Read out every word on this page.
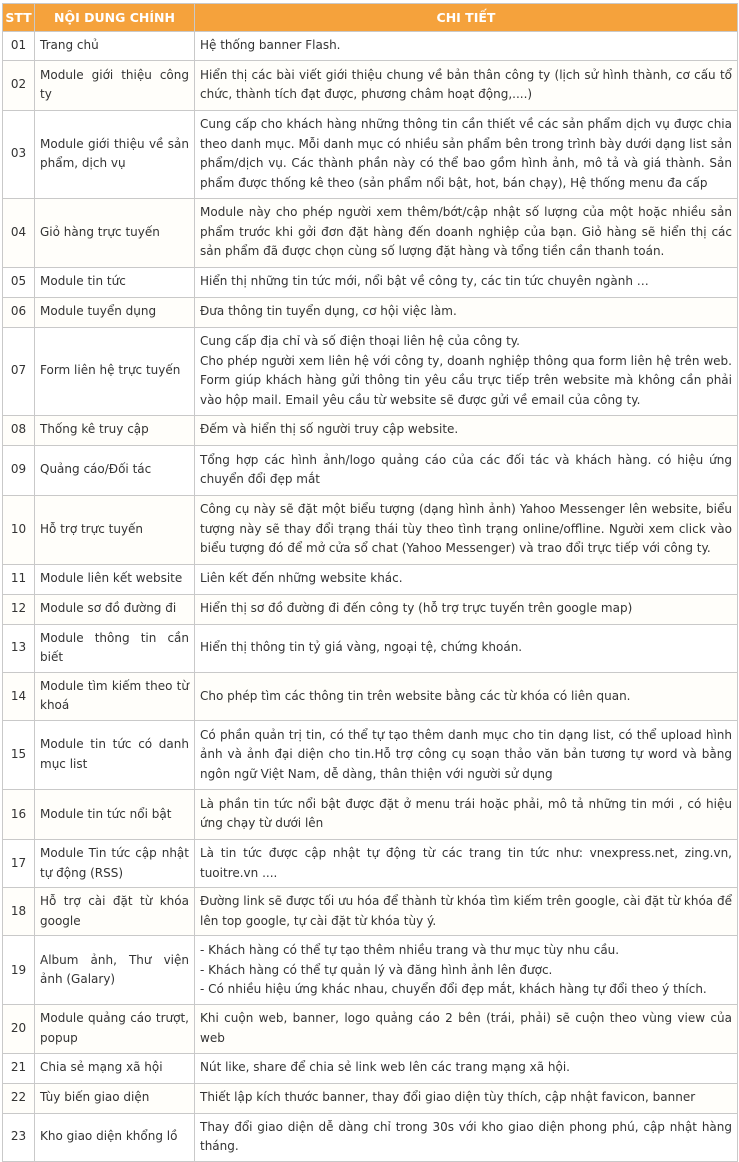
STT	NỘI DUNG CHÍNH	CHI TIẾT
01	Trang chủ	Hệ thống banner Flash.

02	Module giới thiệu công ty	Hiển thị các bài viết giới thiệu chung về bản thân công ty (lịch sử hình thành, cơ cấu tổ chức, thành tích đạt được, phương châm hoạt động,....)

03	Module giới thiệu về sản phẩm, dịch vụ	Cung cấp cho khách hàng những thông tin cần thiết về các sản phẩm dịch vụ được chia theo danh mục. Mỗi danh mục có nhiều sản phẩm bên trong trình bày dưới dạng list sản phẩm/dịch vụ. Các thành phần này có thể bao gồm hình ảnh, mô tả và giá thành. Sản phẩm được thống kê theo (sản phẩm nổi bật, hot, bán chạy), Hệ thống menu đa cấp

04	Giỏ hàng trực tuyến	Module này cho phép người xem thêm/bớt/cập nhật số lượng của một hoặc nhiều sản phẩm trước khi gởi đơn đặt hàng đến doanh nghiệp của bạn. Giỏ hàng sẽ hiển thị các sản phẩm đã được chọn cùng số lượng đặt hàng và tổng tiền cần thanh toán.

05	Module tin tức	Hiển thị những tin tức mới, nổi bật về công ty, các tin tức chuyên ngành …

06	Module tuyển dụng	Đưa thông tin tuyển dụng, cơ hội việc làm.

07	Form liên hệ trực tuyến	Cung cấp địa chỉ và số điện thoại liên hệ của công ty.
Cho phép người xem liên hệ với công ty, doanh nghiệp thông qua form liên hệ trên web. Form giúp khách hàng gửi thông tin yêu cầu trực tiếp trên website mà không cần phải vào hộp mail. Email yêu cầu từ website sẽ được gửi về email của công ty.

08	Thống kê truy cập	Đếm và hiển thị số người truy cập website.

09	Quảng cáo/Đối tác	Tổng hợp các hình ảnh/logo quảng cáo của các đối tác và khách hàng. có hiệu ứng chuyển đổi đẹp mắt

10	Hỗ trợ trực tuyến	Công cụ này sẽ đặt một biểu tượng (dạng hình ảnh) Yahoo Messenger lên website, biểu tượng này sẽ thay đổi trạng thái tùy theo tình trạng online/offline. Người xem click vào biểu tượng đó để mở cửa sổ chat (Yahoo Messenger) và trao đổi trực tiếp với công ty.

11	Module liên kết website	Liên kết đến những website khác.

12	Module sơ đồ đường đi	Hiển thị sơ đồ đường đi đến công ty (hỗ trợ trực tuyến trên google map)

13	Module thông tin cần biết	Hiển thị thông tin tỷ giá vàng, ngoại tệ, chứng khoán.

14	Module tìm kiếm theo từ khoá	Cho phép tìm các thông tin trên website bằng các từ khóa có liên quan.

15	Module tin tức có danh mục list	Có phần quản trị tin, có thể tự tạo thêm danh mục cho tin dạng list, có thể upload hình ảnh và ảnh đại diện cho tin.Hỗ trợ công cụ soạn thảo văn bản tương tự word và bằng ngôn ngữ Việt Nam, dễ dàng, thân thiện với người sử dụng

16	Module tin tức nổi bật	Là phần tin tức nổi bật được đặt ở menu trái hoặc phải, mô tả những tin mới , có hiệu ứng chạy từ dưới lên

17	Module Tin tức cập nhật tự động (RSS)	Là tin tức được cập nhật tự động từ các trang tin tức như: vnexpress.net, zing.vn, tuoitre.vn ....

18	Hỗ trợ cài đặt từ khóa google	Đường link sẽ được tối ưu hóa để thành từ khóa tìm kiếm trên google, cài đặt từ khóa để lên top google, tự cài đặt từ khóa tùy ý.

19	Album ảnh, Thư viện ảnh (Galary)	- Khách hàng có thể tự tạo thêm nhiều trang và thư mục tùy nhu cầu.
- Khách hàng có thể tự quản lý và đăng hình ảnh lên được.
- Có nhiều hiệu ứng khác nhau, chuyển đổi đẹp mắt, khách hàng tự đổi theo ý thích.

20	Module quảng cáo trượt, popup	Khi cuộn web, banner, logo quảng cáo 2 bên (trái, phải) sẽ cuộn theo vùng view của web

21	Chia sẻ mạng xã hội	Nút like, share để chia sẻ link web lên các trang mạng xã hội.

22	Tùy biến giao diện	Thiết lập kích thước banner, thay đổi giao diện tùy thích, cập nhật favicon, banner

23	Kho giao diện khổng lồ	Thay đổi giao diện dễ dàng chỉ trong 30s với kho giao diện phong phú, cập nhật hàng tháng.
